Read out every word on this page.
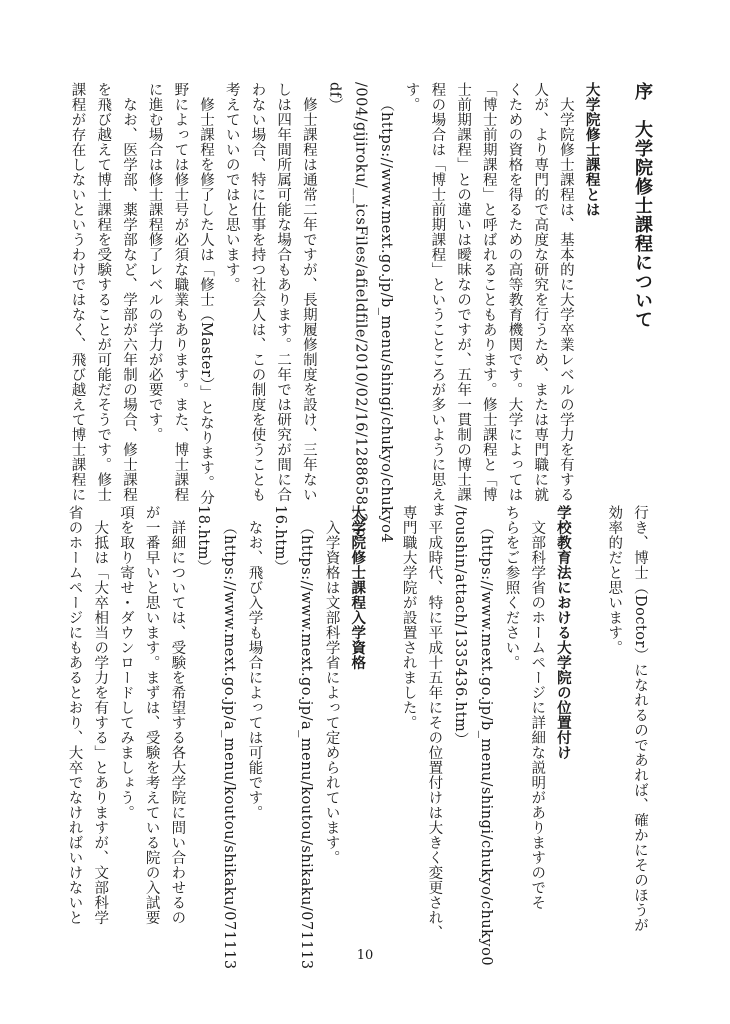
序　大学院修士課程について

大学院修士課程とは
大学院修士課程は、基本的に大学卒業レベルの学力を有する
人が、より専門的で高度な研究を行うため、または専門職に就
くための資格を得るための高等教育機関です。大学によっては
「博士前期課程」と呼ばれることもあります。修士課程と「博
士前期課程」との違いは曖昧なのですが、五年一貫制の博士課
程の場合は「博士前期課程」ということころが多いように思えま
す。
（https://www.mext.go.jp/b_menu/shingi/chukyo/chukyo4
/004/gijiroku/__icsFiles/afieldfile/2010/02/16/1288658_2.p
df）
修士課程は通常二年ですが、長期履修制度を設け、三年ない
しは四年間所属可能な場合もあります。二年では研究が間に合
わない場合、特に仕事を持つ社会人は、この制度を使うことも
考えていいのではと思います。
修士課程を修了した人は「修士（Master）」となります。分
野によっては修士号が必須な職業もあります。また、博士課程
に進む場合は修士課程修了レベルの学力が必要です。
なお、医学部、薬学部など、学部が六年制の場合、修士課程
を飛び越えて博士課程を受験することが可能だそうです。修士
課程が存在しないというわけではなく、飛び越えて博士課程に
行き、博士（Doctor）になれるのであれば、確かにそのほうが
効率的だと思います。

学校教育法における大学院の位置付け
文部科学省のホームページに詳細な説明がありますのでそ
ちらをご参照ください。
（https://www.mext.go.jp/b_menu/shingi/chukyo/chukyo0
/toushin/attach/1335436.htm）
平成時代、特に平成十五年にその位置付けは大きく変更され、
専門職大学院が設置されました。

大学院修士課程入学資格
入学資格は文部科学省によって定められています。
（https://www.mext.go.jp/a_menu/koutou/shikaku/071113
16.htm）
なお、飛び入学も場合によっては可能です。
（https://www.mext.go.jp/a_menu/koutou/shikaku/071113
18.htm）
詳細については、受験を希望する各大学院に問い合わせるの
が一番早いと思います。まずは、受験を考えている院の入試要
項を取り寄せ・ダウンロードしてみましょう。
大抵は「大卒相当の学力を有する」とありますが、文部科学
省のホームページにもあるとおり、大卒でなければいけないと
10
